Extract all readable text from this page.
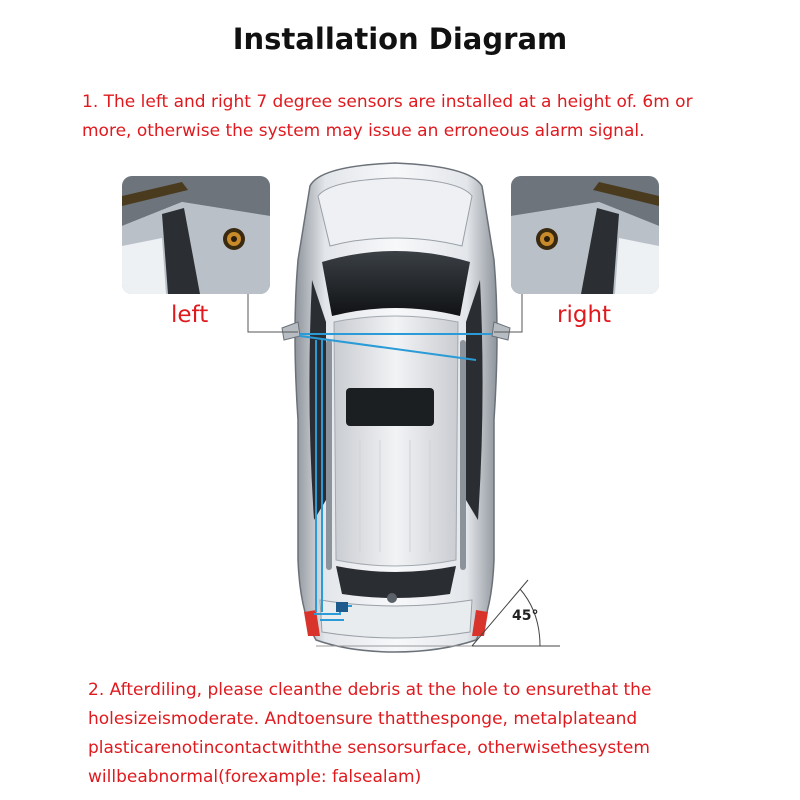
Installation Diagram
1. The left and right 7 degree sensors are installed at a height of. 6m or more, otherwise the system may issue an erroneous alarm signal.
left	right
45°
2. Afterdiling, please cleanthe debris at the hole to ensurethat the holesizeismoderate. Andtoensure thatthesponge, metalplateand plasticarenotincontactwiththe sensorsurface, otherwisethesystem willbeabnormal(forexample: falsealam)
